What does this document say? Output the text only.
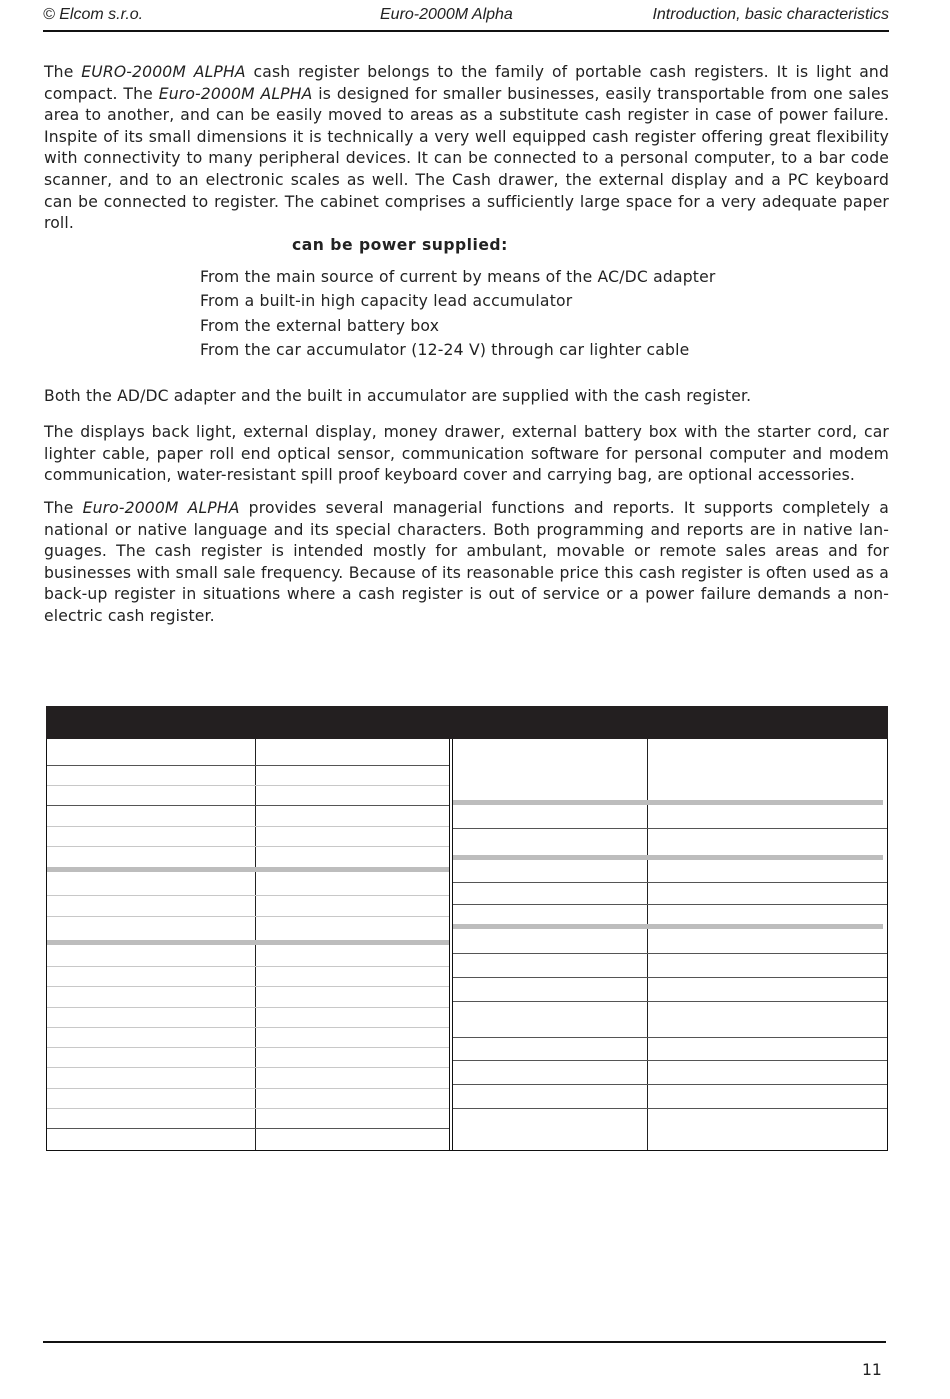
© Elcom s.r.o.	Euro-2000M Alpha	Introduction, basic characteristics

The EURO-2000M ALPHA cash register belongs to the family of portable cash registers. It is light and compact. The Euro-2000M ALPHA is designed for smaller businesses, easily transportable from one sales area to another, and can be easily moved to areas as a substitute cash register in case of power failure. Inspite of its small dimensions it is technically a very well equipped cash register offering great flexibility with connectivity to many peripheral devices. It can be connected to a personal computer, to a bar code scanner, and to an electronic scales as well. The Cash drawer, the external display and a PC keyboard can be connected to register. The cabinet comprises a sufficiently large space for a very adequate paper roll.

can be power supplied:

From the main source of current by means of the AC/DC adapter
From a built-in high capacity lead accumulator
From the external battery box
From the car accumulator (12-24 V) through car lighter cable

Both the AD/DC adapter and the built in accumulator are supplied with the cash register.

The displays back light, external display, money drawer, external battery box with the starter cord, car lighter cable, paper roll end optical sensor, communication software for personal computer and modem communication, water-resistant spill proof keyboard cover and carrying bag, are optional accessories.

The Euro-2000M ALPHA provides several managerial functions and reports. It supports completely a national or native language and its special characters. Both programming and reports are in native lan-guages. The cash register is intended mostly for ambulant, movable or remote sales areas and for businesses with small sale frequency. Because of its reasonable price this cash register is often used as a back-up register in situations where a cash register is out of service or a power failure demands a non-electric cash register.

11
